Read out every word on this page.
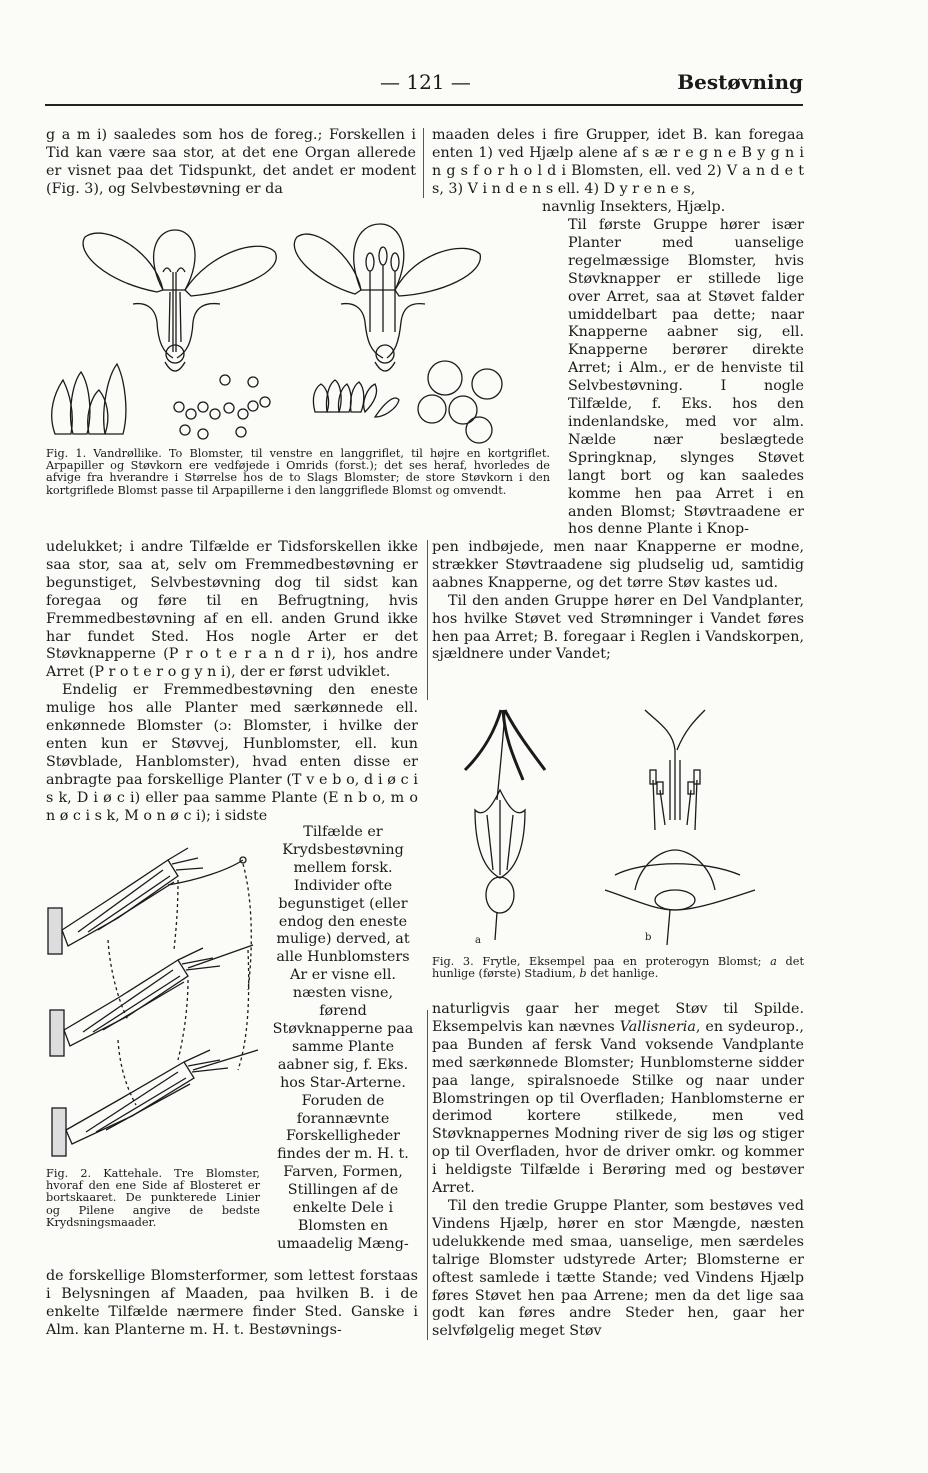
— 121 —	Bestøvning
g a m i) saaledes som hos de foreg.; Forskellen i Tid kan være saa stor, at det ene Organ allerede er visnet paa det Tidspunkt, det andet er modent (Fig. 3), og Selvbestøvning er da

udelukket; i andre Tilfælde er Tidsforskellen ikke saa stor, saa at, selv om Fremmedbestøvning er begunstiget, Selvbestøvning dog til sidst kan foregaa og føre til en Befrugtning, hvis Fremmedbestøvning af en ell. anden Grund ikke har fundet Sted. Hos nogle Arter er det Støvknapperne (P r o t e r a n d r i), hos andre Arret (P r o t e r o g y n i), der er først udviklet.

Endelig er Fremmedbestøvning den eneste mulige hos alle Planter med særkønnede ell. enkønnede Blomster (ɔ: Blomster, i hvilke der enten kun er Støvvej, Hunblomster, ell. kun Støvblade, Hanblomster), hvad enten disse er anbragte paa forskellige Planter (T v e b o, d i ø c i s k, D i ø c i) eller paa samme Plante (E n b o, m o n ø c i s k, M o n ø c i); i sidste

Tilfælde er Krydsbestøvning mellem forsk. Individer ofte begunstiget (eller endog den eneste mulige) derved, at alle Hunblomsters Ar er visne ell. næsten visne, førend Støvknapperne paa samme Plante aabner sig, f. Eks. hos Star-Arterne. Foruden de forannævnte Forskelligheder findes der m. H. t. Farven, Formen, Stillingen af de enkelte Dele i Blomsten en umaadelig Mæng-
de forskellige Blomsterformer, som lettest forstaas i Belysningen af Maaden, paa hvilken B. i de enkelte Tilfælde nærmere finder Sted. Ganske i Alm. kan Planterne m. H. t. Bestøvnings-
maaden deles i fire Grupper, idet B. kan foregaa enten 1) ved Hjælp alene af s æ r e g n e B y g n i n g s f o r h o l d i Blomsten, ell. ved 2) V a n d e t s, 3) V i n d e n s ell. 4) D y r e n e s,
navnlig Insekters, Hjælp.
Til første Gruppe hører især Planter med uanselige regelmæssige Blomster, hvis Støvknapper er stillede lige over Arret, saa at Støvet falder umiddelbart paa dette; naar Knapperne aabner sig, ell. Knapperne berører direkte Arret; i Alm., er de henviste til Selvbestøvning. I nogle Tilfælde, f. Eks. hos den indenlandske, med vor alm. Nælde nær beslægtede Springknap, slynges Støvet langt bort og kan saaledes komme hen paa Arret i en anden Blomst; Støvtraadene er hos denne Plante i Knop-

pen indbøjede, men naar Knapperne er modne, strækker Støvtraadene sig pludselig ud, samtidig aabnes Knapperne, og det tørre Støv kastes ud.

Til den anden Gruppe hører en Del Vandplanter, hos hvilke Støvet ved Strømninger i Vandet føres hen paa Arret; B. foregaar i Reglen i Vandskorpen, sjældnere under Vandet;

naturligvis gaar her meget Støv til Spilde. Eksempelvis kan nævnes Vallisneria, en sydeurop., paa Bunden af fersk Vand voksende Vandplante med særkønnede Blomster; Hunblomsterne sidder paa lange, spiralsnoede Stilke og naar under Blomstringen op til Overfladen; Hanblomsterne er derimod kortere stilkede, men ved Støvknappernes Modning river de sig løs og stiger op til Overfladen, hvor de driver omkr. og kommer i heldigste Tilfælde i Berøring med og bestøver Arret.

Til den tredie Gruppe Planter, som bestøves ved Vindens Hjælp, hører en stor Mængde, næsten udelukkende med smaa, uanselige, men særdeles talrige Blomster udstyrede Arter; Blomsterne er oftest samlede i tætte Stande; ved Vindens Hjælp føres Støvet hen paa Arrene; men da det lige saa godt kan føres andre Steder hen, gaar her selvfølgelig meget Støv

Fig. 1. Vandrøllike. To Blomster, til venstre en langgriflet, til højre en kortgriflet. Arpapiller og Støvkorn ere vedføjede i Omrids (forst.); det ses heraf, hvorledes de afvige fra hverandre i Størrelse hos de to Slags Blomster; de store Støvkorn i den kortgriflede Blomst passe til Arpapillerne i den langgriflede Blomst og omvendt.
Fig. 2. Kattehale. Tre Blomster, hvoraf den ene Side af Blosteret er bortskaaret. De punkterede Linier og Pilene angive de bedste Krydsningsmaader.
a	b
Fig. 3. Frytle, Eksempel paa en proterogyn Blomst; a det hunlige (første) Stadium, b det hanlige.
